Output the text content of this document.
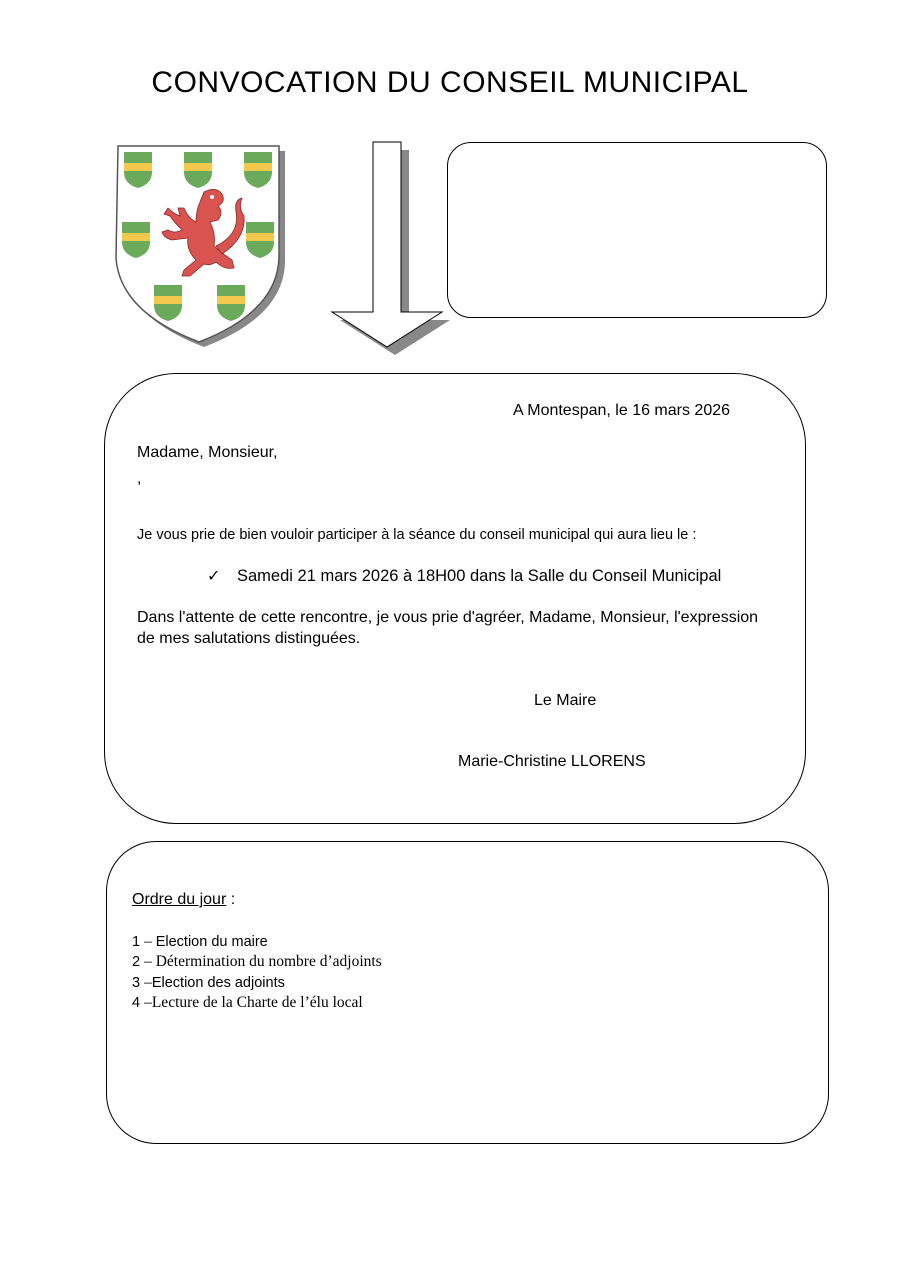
CONVOCATION DU CONSEIL MUNICIPAL
A Montespan, le 16 mars 2026
Madame, Monsieur,
,
Je vous prie de bien vouloir participer à la séance du conseil municipal qui aura lieu le :
✓ Samedi 21 mars 2026 à 18H00 dans la Salle du Conseil Municipal
Dans l'attente de cette rencontre, je vous prie d'agréer, Madame, Monsieur, l'expression
de mes salutations distinguées.
Le Maire
Marie-Christine LLORENS
Ordre du jour :
1 – Election du maire
2 – Détermination du nombre d’adjoints
3 –Election des adjoints
4 –Lecture de la Charte de l’élu local
